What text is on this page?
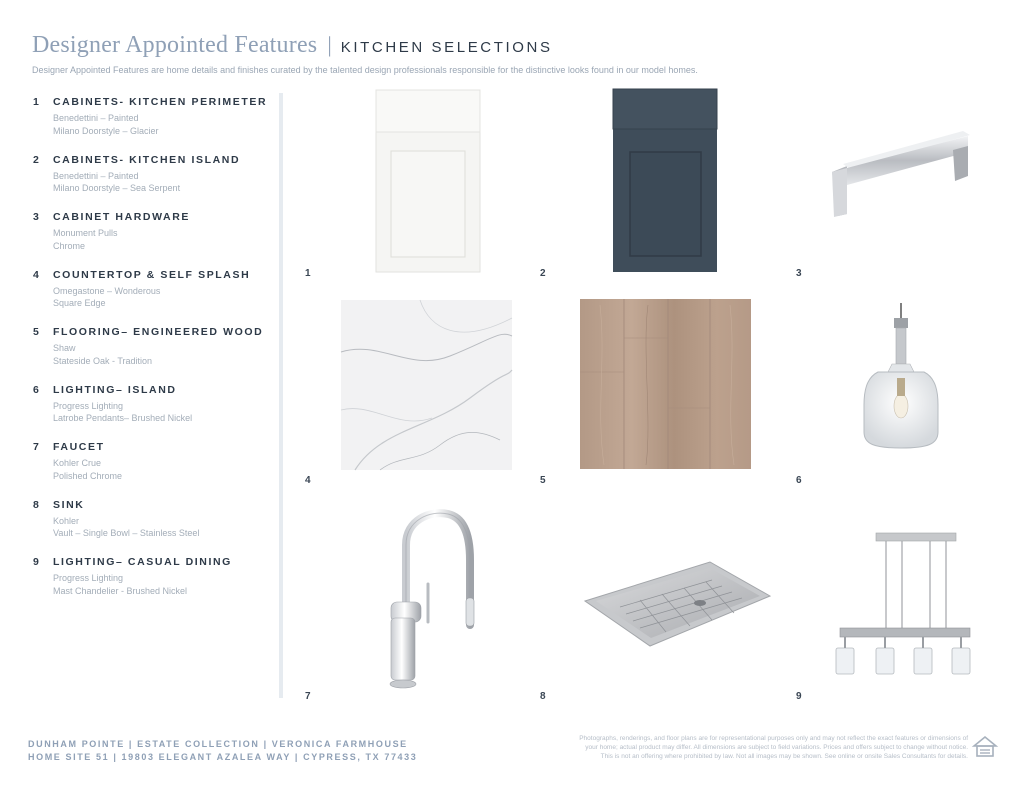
Designer Appointed Features | KITCHEN SELECTIONS
Designer Appointed Features are home details and finishes curated by the talented design professionals responsible for the distinctive looks found in our model homes.
1	CABINETS- KITCHEN PERIMETER
Benedettini – Painted
Milano Doorstyle – Glacier
2	CABINETS- KITCHEN ISLAND
Benedettini – Painted
Milano Doorstyle – Sea Serpent
3	CABINET HARDWARE
Monument Pulls
Chrome
4	COUNTERTOP & SELF SPLASH
Omegastone – Wonderous
Square Edge
5	FLOORING– ENGINEERED WOOD
Shaw
Stateside Oak - Tradition
6	LIGHTING– ISLAND
Progress Lighting
Latrobe Pendants– Brushed Nickel
7	FAUCET
Kohler Crue
Polished Chrome
8	SINK
Kohler
Vault – Single Bowl – Stainless Steel
9	LIGHTING– CASUAL DINING
Progress Lighting
Mast Chandelier - Brushed Nickel
1	2	3
4	5	6
7	8	9
DUNHAM POINTE | ESTATE COLLECTION | VERONICA FARMHOUSE
HOME SITE 51 | 19803 ELEGANT AZALEA WAY | CYPRESS, TX 77433
Photographs, renderings, and floor plans are for representational purposes only and may not reflect the exact features or dimensions of
your home; actual product may differ. All dimensions are subject to field variations. Prices and offers subject to change without notice.
This is not an offering where prohibited by law. Not all images may be shown. See online or onsite Sales Consultants for details.
